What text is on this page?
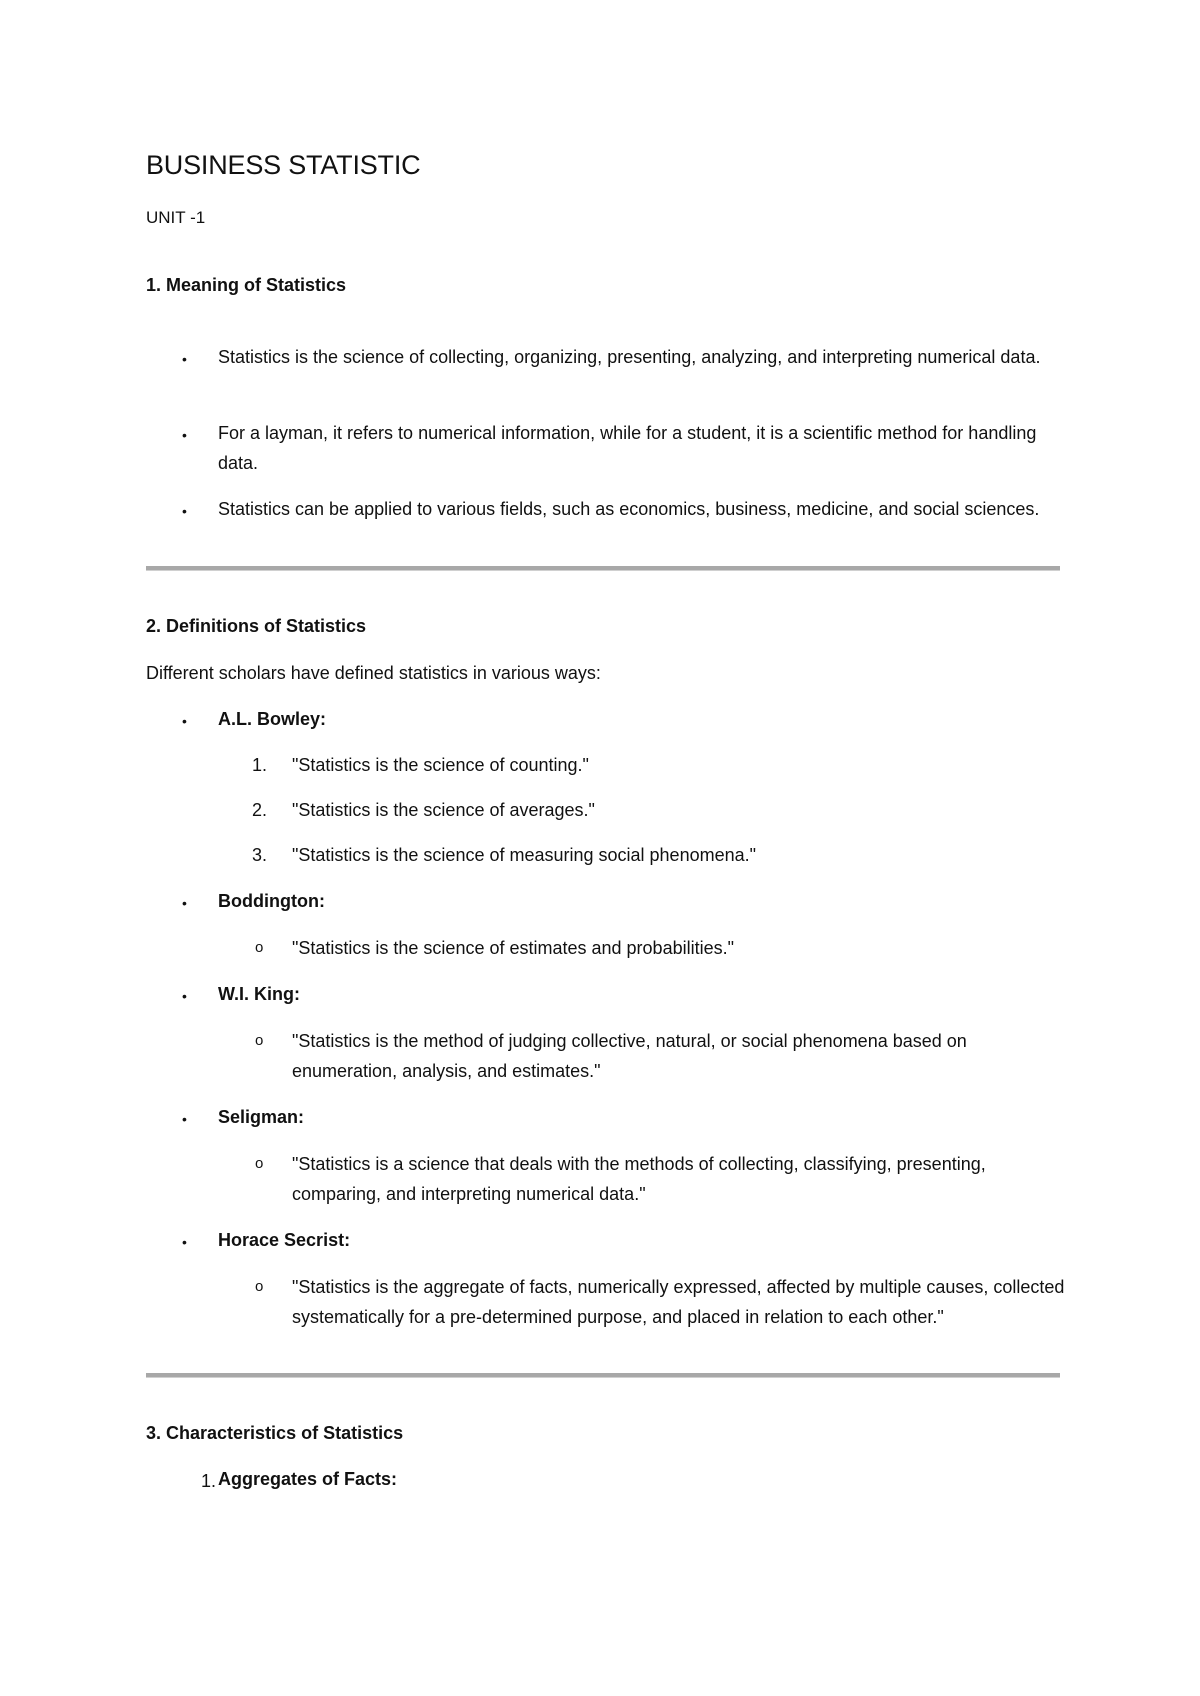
BUSINESS STATISTIC
UNIT -1
1. Meaning of Statistics
•	Statistics is the science of collecting, organizing, presenting, analyzing, and interpreting numerical data.
•	For a layman, it refers to numerical information, while for a student, it is a scientific method for handling data.
•	Statistics can be applied to various fields, such as economics, business, medicine, and social sciences.
2. Definitions of Statistics

Different scholars have defined statistics in various ways:

•	A.L. Bowley:
1.	"Statistics is the science of counting."
2.	"Statistics is the science of averages."
3.	"Statistics is the science of measuring social phenomena."
•	Boddington:
o	"Statistics is the science of estimates and probabilities."
•	W.I. King:
o	"Statistics is the method of judging collective, natural, or social phenomena based on enumeration, analysis, and estimates."
•	Seligman:
o	"Statistics is a science that deals with the methods of collecting, classifying, presenting, comparing, and interpreting numerical data."
•	Horace Secrist:
o	"Statistics is the aggregate of facts, numerically expressed, affected by multiple causes, collected systematically for a pre-determined purpose, and placed in relation to each other."
3. Characteristics of Statistics
1. Aggregates of Facts:
